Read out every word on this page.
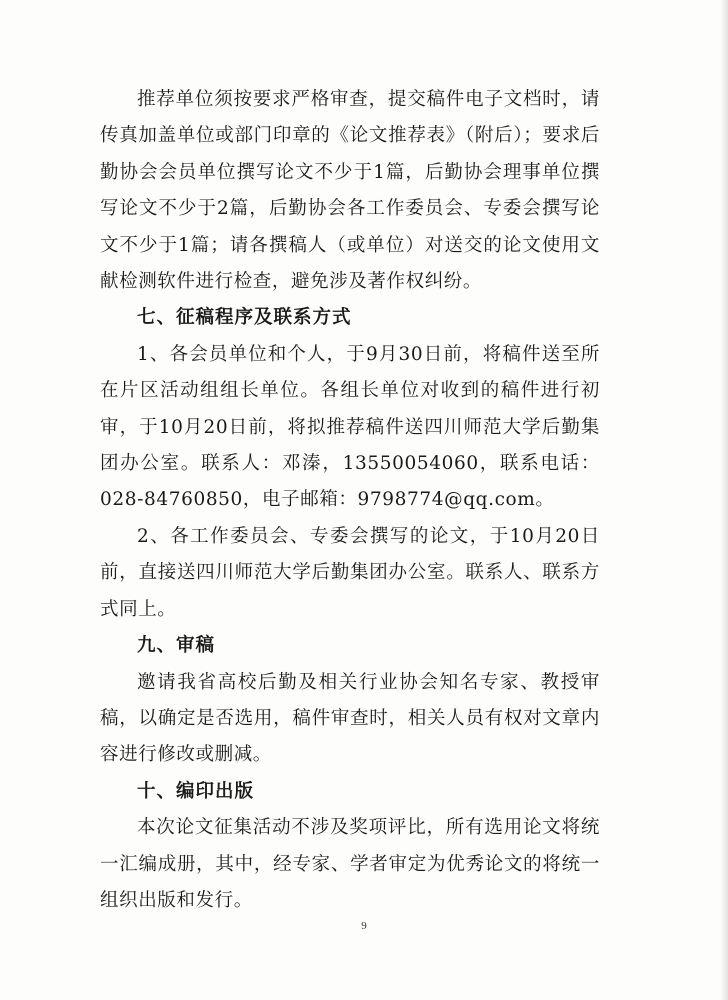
推荐单位须按要求严格审查，提交稿件电子文档时，请传真加盖单位或部门印章的《论文推荐表》（附后）；要求后勤协会会员单位撰写论文不少于1篇，后勤协会理事单位撰写论文不少于2篇，后勤协会各工作委员会、专委会撰写论文不少于1篇；请各撰稿人（或单位）对送交的论文使用文献检测软件进行检查，避免涉及著作权纠纷。

七、征稿程序及联系方式

1、各会员单位和个人，于9月30日前，将稿件送至所在片区活动组组长单位。各组长单位对收到的稿件进行初审，于10月20日前，将拟推荐稿件送四川师范大学后勤集团办公室。联系人：邓溱，13550054060，联系电话：028-84760850，电子邮箱：979877​4@qq.com。

2、各工作委员会、专委会撰写的论文，于10月20日前，直接送四川师范大学后勤集团办公室。联系人、联系方式同上。

九、审稿

邀请我省高校后勤及相关行业协会知名专家、教授审稿，以确定是否选用，稿件审查时，相关人员有权对文章内容进行修改或删减。

十、编印出版

本次论文征集活动不涉及奖项评比，所有选用论文将统一汇编成册，其中，经专家、学者审定为优秀论文的将统一组织出版和发行。

9
